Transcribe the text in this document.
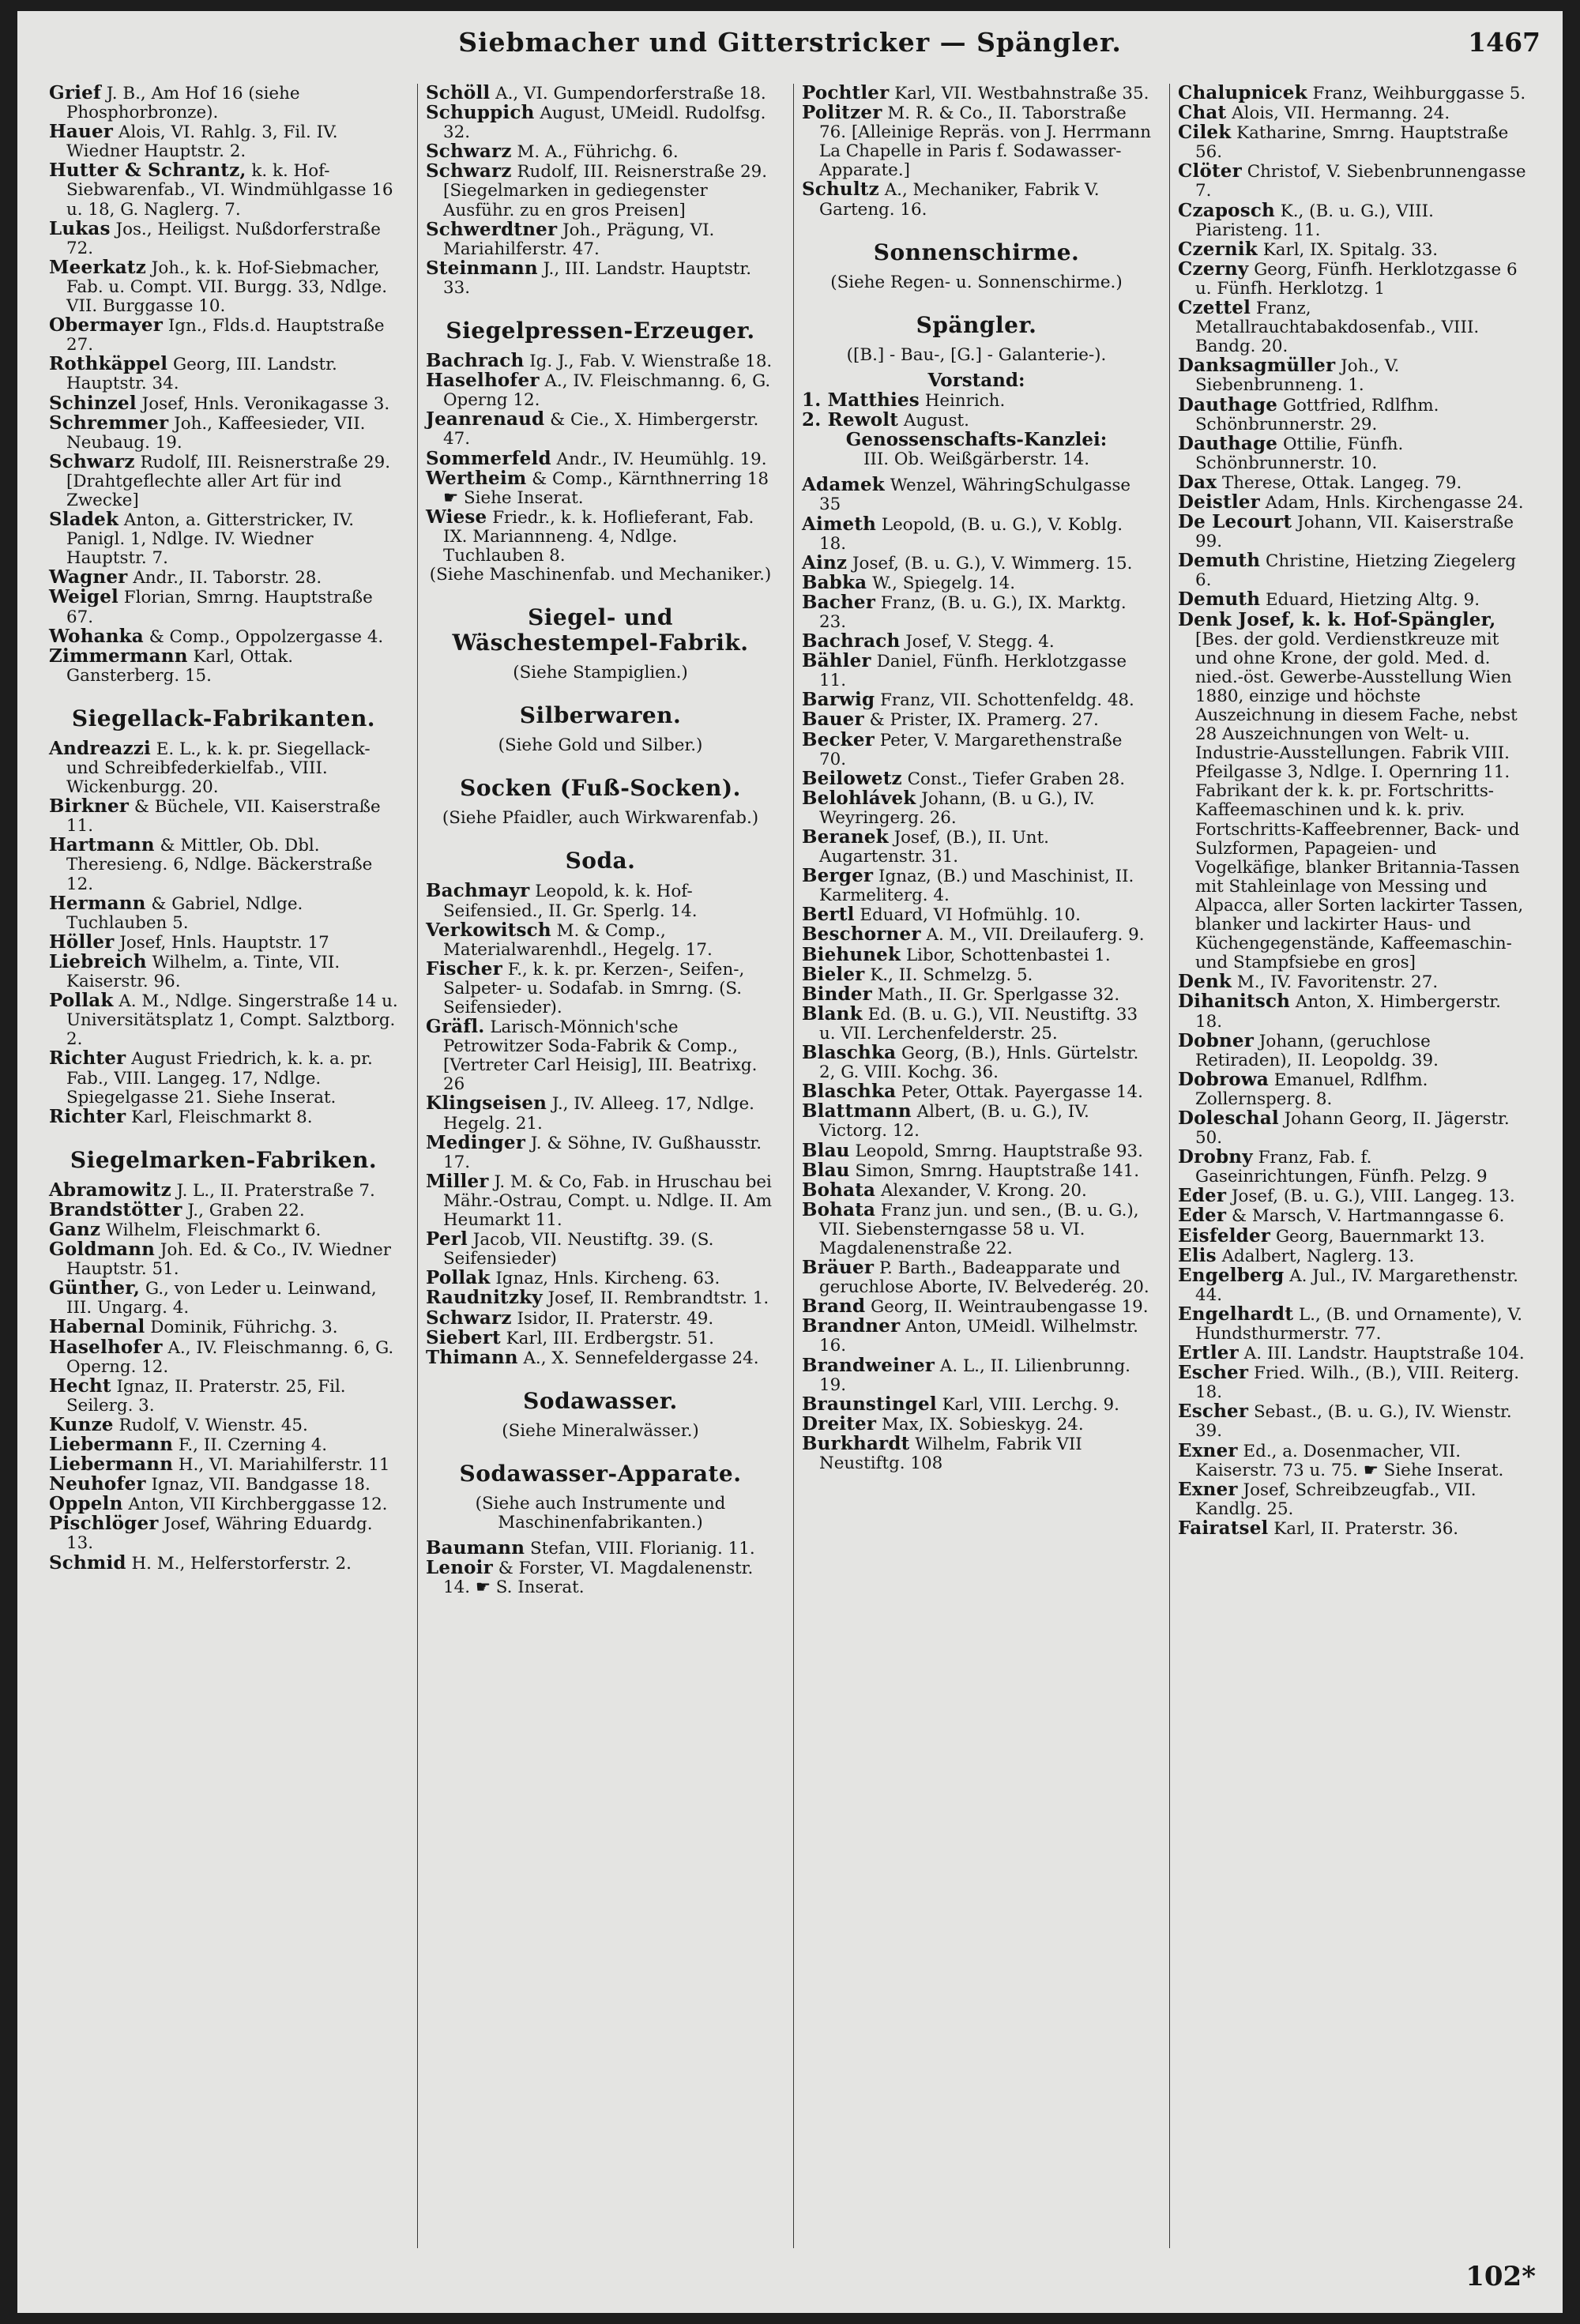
Siebmacher und Gitterstricker — Spängler.	1467

Grief J. B., Am Hof 16 (siehe Phosphorbronze).

Hauer Alois, VI. Rahlg. 3, Fil. IV. Wiedner Hauptstr. 2.

Hutter & Schrantz, k. k. Hof-Siebwarenfab., VI. Windmühlgasse 16 u. 18, G. Naglerg. 7.

Lukas Jos., Heiligst. Nußdorferstraße 72.

Meerkatz Joh., k. k. Hof-Siebmacher, Fab. u. Compt. VII. Burgg. 33, Ndlge. VII. Burggasse 10.

Obermayer Ign., Flds.d. Hauptstraße 27.

Rothkäppel Georg, III. Landstr. Hauptstr. 34.

Schinzel Josef, Hnls. Veronikagasse 3.

Schremmer Joh., Kaffeesieder, VII. Neubaug. 19.

Schwarz Rudolf, III. Reisnerstraße 29. [Drahtgeflechte aller Art für ind Zwecke]

Sladek Anton, a. Gitterstricker, IV. Panigl. 1, Ndlge. IV. Wiedner Hauptstr. 7.

Wagner Andr., II. Taborstr. 28.

Weigel Florian, Smrng. Hauptstraße 67.

Wohanka & Comp., Oppolzergasse 4.

Zimmermann Karl, Ottak. Gansterberg. 15.

Siegellack-Fabrikanten.

Andreazzi E. L., k. k. pr. Siegellack- und Schreibfederkielfab., VIII. Wickenburgg. 20.

Birkner & Büchele, VII. Kaiserstraße 11.

Hartmann & Mittler, Ob. Dbl. Theresieng. 6, Ndlge. Bäckerstraße 12.

Hermann & Gabriel, Ndlge. Tuchlauben 5.

Höller Josef, Hnls. Hauptstr. 17

Liebreich Wilhelm, a. Tinte, VII. Kaiserstr. 96.

Pollak A. M., Ndlge. Singerstraße 14 u. Universitätsplatz 1, Compt. Salztborg. 2.

Richter August Friedrich, k. k. a. pr. Fab., VIII. Langeg. 17, Ndlge. Spiegelgasse 21. Siehe Inserat.

Richter Karl, Fleischmarkt 8.

Siegelmarken-Fabriken.

Abramowitz J. L., II. Praterstraße 7.

Brandstötter J., Graben 22.

Ganz Wilhelm, Fleischmarkt 6.

Goldmann Joh. Ed. & Co., IV. Wiedner Hauptstr. 51.

Günther, G., von Leder u. Leinwand, III. Ungarg. 4.

Habernal Dominik, Führichg. 3.

Haselhofer A., IV. Fleischmanng. 6, G. Operng. 12.

Hecht Ignaz, II. Praterstr. 25, Fil. Seilerg. 3.

Kunze Rudolf, V. Wienstr. 45.

Liebermann F., II. Czerning 4.

Liebermann H., VI. Mariahilferstr. 11

Neuhofer Ignaz, VII. Bandgasse 18.

Oppeln Anton, VII Kirchberggasse 12.

Pischlöger Josef, Währing Eduardg. 13.

Schmid H. M., Helferstorferstr. 2.

Schöll A., VI. Gumpendorferstraße 18.

Schuppich August, UMeidl. Rudolfsg. 32.

Schwarz M. A., Führichg. 6.

Schwarz Rudolf, III. Reisnerstraße 29. [Siegelmarken in gediegenster Ausführ. zu en gros Preisen]

Schwerdtner Joh., Prägung, VI. Mariahilferstr. 47.

Steinmann J., III. Landstr. Hauptstr. 33.

Siegelpressen-Erzeuger.

Bachrach Ig. J., Fab. V. Wienstraße 18.

Haselhofer A., IV. Fleischmanng. 6, G. Operng 12.

Jeanrenaud & Cie., X. Himbergerstr. 47.

Sommerfeld Andr., IV. Heumühlg. 19.

Wertheim & Comp., Kärnthnerring 18 ☛ Siehe Inserat.

Wiese Friedr., k. k. Hoflieferant, Fab. IX. Mariannneng. 4, Ndlge. Tuchlauben 8.

(Siehe Maschinenfab. und Mechaniker.)

Siegel- und Wäschestempel-Fabrik.

(Siehe Stampiglien.)

Silberwaren.

(Siehe Gold und Silber.)

Socken (Fuß-Socken).

(Siehe Pfaidler, auch Wirkwarenfab.)

Soda.

Bachmayr Leopold, k. k. Hof-Seifensied., II. Gr. Sperlg. 14.

Verkowitsch M. & Comp., Materialwarenhdl., Hegelg. 17.

Fischer F., k. k. pr. Kerzen-, Seifen-, Salpeter- u. Sodafab. in Smrng. (S. Seifensieder).

Gräfl. Larisch-Mönnich'sche Petrowitzer Soda-Fabrik & Comp., [Vertreter Carl Heisig], III. Beatrixg. 26

Klingseisen J., IV. Alleeg. 17, Ndlge. Hegelg. 21.

Medinger J. & Söhne, IV. Gußhausstr. 17.

Miller J. M. & Co, Fab. in Hruschau bei Mähr.-Ostrau, Compt. u. Ndlge. II. Am Heumarkt 11.

Perl Jacob, VII. Neustiftg. 39. (S. Seifensieder)

Pollak Ignaz, Hnls. Kircheng. 63.

Raudnitzky Josef, II. Rembrandtstr. 1.

Schwarz Isidor, II. Praterstr. 49.

Siebert Karl, III. Erdbergstr. 51.

Thimann A., X. Sennefeldergasse 24.

Sodawasser.

(Siehe Mineralwässer.)

Sodawasser-Apparate.

(Siehe auch Instrumente und Maschinenfabrikanten.)

Baumann Stefan, VIII. Florianig. 11.

Lenoir & Forster, VI. Magdalenenstr. 14. ☛ S. Inserat.

Pochtler Karl, VII. Westbahnstraße 35.

Politzer M. R. & Co., II. Taborstraße 76. [Alleinige Repräs. von J. Herrmann La Chapelle in Paris f. Sodawasser-Apparate.]

Schultz A., Mechaniker, Fabrik V. Garteng. 16.

Sonnenschirme.

(Siehe Regen- u. Sonnenschirme.)

Spängler.

([B.] - Bau-, [G.] - Galanterie-).

Vorstand:

1. Matthies Heinrich.

2. Rewolt August.

Genossenschafts-Kanzlei:

III. Ob. Weißgärberstr. 14.

Adamek Wenzel, WähringSchulgasse 35

Aimeth Leopold, (B. u. G.), V. Koblg. 18.

Ainz Josef, (B. u. G.), V. Wimmerg. 15.

Babka W., Spiegelg. 14.

Bacher Franz, (B. u. G.), IX. Marktg. 23.

Bachrach Josef, V. Stegg. 4.

Bähler Daniel, Fünfh. Herklotzgasse 11.

Barwig Franz, VII. Schottenfeldg. 48.

Bauer & Prister, IX. Pramerg. 27.

Becker Peter, V. Margarethenstraße 70.

Beilowetz Const., Tiefer Graben 28.

Belohlávek Johann, (B. u G.), IV. Weyringerg. 26.

Beranek Josef, (B.), II. Unt. Augartenstr. 31.

Berger Ignaz, (B.) und Maschinist, II. Karmeliterg. 4.

Bertl Eduard, VI Hofmühlg. 10.

Beschorner A. M., VII. Dreilauferg. 9.

Biehunek Libor, Schottenbastei 1.

Bieler K., II. Schmelzg. 5.

Binder Math., II. Gr. Sperlgasse 32.

Blank Ed. (B. u. G.), VII. Neustiftg. 33 u. VII. Lerchenfelderstr. 25.

Blaschka Georg, (B.), Hnls. Gürtelstr. 2, G. VIII. Kochg. 36.

Blaschka Peter, Ottak. Payergasse 14.

Blattmann Albert, (B. u. G.), IV. Victorg. 12.

Blau Leopold, Smrng. Hauptstraße 93.

Blau Simon, Smrng. Hauptstraße 141.

Bohata Alexander, V. Krong. 20.

Bohata Franz jun. und sen., (B. u. G.), VII. Siebensterngasse 58 u. VI. Magdalenenstraße 22.

Bräuer P. Barth., Badeapparate und geruchlose Aborte, IV. Belvederég. 20.

Brand Georg, II. Weintraubengasse 19.

Brandner Anton, UMeidl. Wilhelmstr. 16.

Brandweiner A. L., II. Lilienbrunng. 19.

Braunstingel Karl, VIII. Lerchg. 9.

Dreiter Max, IX. Sobieskyg. 24.

Burkhardt Wilhelm, Fabrik VII Neustiftg. 108

Chalupnicek Franz, Weihburggasse 5.

Chat Alois, VII. Hermanng. 24.

Cilek Katharine, Smrng. Hauptstraße 56.

Clöter Christof, V. Siebenbrunnengasse 7.

Czaposch K., (B. u. G.), VIII. Piaristeng. 11.

Czernik Karl, IX. Spitalg. 33.

Czerny Georg, Fünfh. Herklotzgasse 6 u. Fünfh. Herklotzg. 1

Czettel Franz, Metallrauchtabakdosenfab., VIII. Bandg. 20.

Danksagmüller Joh., V. Siebenbrunneng. 1.

Dauthage Gottfried, Rdlfhm. Schönbrunnerstr. 29.

Dauthage Ottilie, Fünfh. Schönbrunnerstr. 10.

Dax Therese, Ottak. Langeg. 79.

Deistler Adam, Hnls. Kirchengasse 24.

De Lecourt Johann, VII. Kaiserstraße 99.

Demuth Christine, Hietzing Ziegelerg 6.

Demuth Eduard, Hietzing Altg. 9.

Denk Josef, k. k. Hof-Spängler, [Bes. der gold. Verdienstkreuze mit und ohne Krone, der gold. Med. d. nied.-öst. Gewerbe-Ausstellung Wien 1880, einzige und höchste Auszeichnung in diesem Fache, nebst 28 Auszeichnungen von Welt- u. Industrie-Ausstellungen. Fabrik VIII. Pfeilgasse 3, Ndlge. I. Opernring 11. Fabrikant der k. k. pr. Fortschritts-Kaffeemaschinen und k. k. priv. Fortschritts-Kaffeebrenner, Back- und Sulzformen, Papageien- und Vogelkäfige, blanker Britannia-Tassen mit Stahleinlage von Messing und Alpacca, aller Sorten lackirter Tassen, blanker und lackirter Haus- und Küchengegenstände, Kaffeemaschin- und Stampfsiebe en gros]

Denk M., IV. Favoritenstr. 27.

Dihanitsch Anton, X. Himbergerstr. 18.

Dobner Johann, (geruchlose Retiraden), II. Leopoldg. 39.

Dobrowa Emanuel, Rdlfhm. Zollernsperg. 8.

Doleschal Johann Georg, II. Jägerstr. 50.

Drobny Franz, Fab. f. Gaseinrichtungen, Fünfh. Pelzg. 9

Eder Josef, (B. u. G.), VIII. Langeg. 13.

Eder & Marsch, V. Hartmanngasse 6.

Eisfelder Georg, Bauernmarkt 13.

Elis Adalbert, Naglerg. 13.

Engelberg A. Jul., IV. Margarethenstr. 44.

Engelhardt L., (B. und Ornamente), V. Hundsthurmerstr. 77.

Ertler A. III. Landstr. Hauptstraße 104.

Escher Fried. Wilh., (B.), VIII. Reiterg. 18.

Escher Sebast., (B. u. G.), IV. Wienstr. 39.

Exner Ed., a. Dosenmacher, VII. Kaiserstr. 73 u. 75. ☛ Siehe Inserat.

Exner Josef, Schreibzeugfab., VII. Kandlg. 25.

Fairatsel Karl, II. Praterstr. 36.

102*
